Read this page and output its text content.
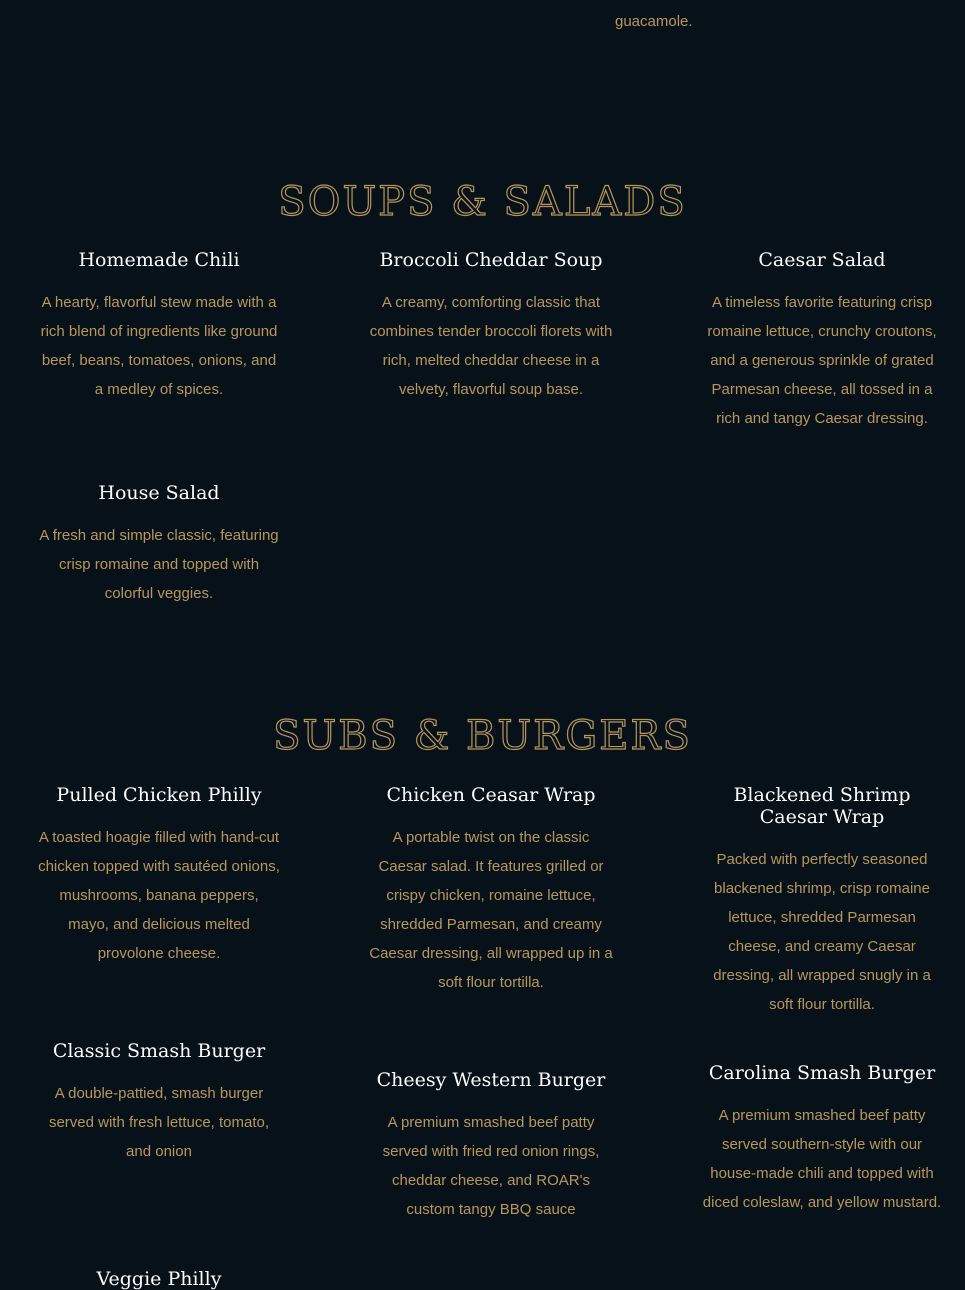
guacamole.
SOUPS & SALADS
Homemade Chili

A hearty, flavorful stew made with a rich blend of ingredients like ground beef, beans, tomatoes, onions, and a medley of spices.

Broccoli Cheddar Soup

A creamy, comforting classic that combines tender broccoli florets with rich, melted cheddar cheese in a velvety, flavorful soup base.

Caesar Salad

A timeless favorite featuring crisp romaine lettuce, crunchy croutons, and a generous sprinkle of grated Parmesan cheese, all tossed in a rich and tangy Caesar dressing.

House Salad

A fresh and simple classic, featuring crisp romaine and topped with colorful veggies.

SUBS & BURGERS
Pulled Chicken Philly

A toasted hoagie filled with hand-cut chicken topped with sautéed onions, mushrooms, banana peppers, mayo, and delicious melted provolone cheese.

Chicken Ceasar Wrap

A portable twist on the classic Caesar salad. It features grilled or crispy chicken, romaine lettuce, shredded Parmesan, and creamy Caesar dressing, all wrapped up in a soft flour tortilla.

Blackened Shrimp Caesar Wrap

Packed with perfectly seasoned blackened shrimp, crisp romaine lettuce, shredded Parmesan cheese, and creamy Caesar dressing, all wrapped snugly in a soft flour tortilla.

Classic Smash Burger

A double-pattied, smash burger served with fresh lettuce, tomato, and onion

Cheesy Western Burger

A premium smashed beef patty served with fried red onion rings, cheddar cheese, and ROAR's custom tangy BBQ sauce

Carolina Smash Burger

A premium smashed beef patty served southern-style with our house-made chili and topped with diced coleslaw, and yellow mustard.

Veggie Philly
